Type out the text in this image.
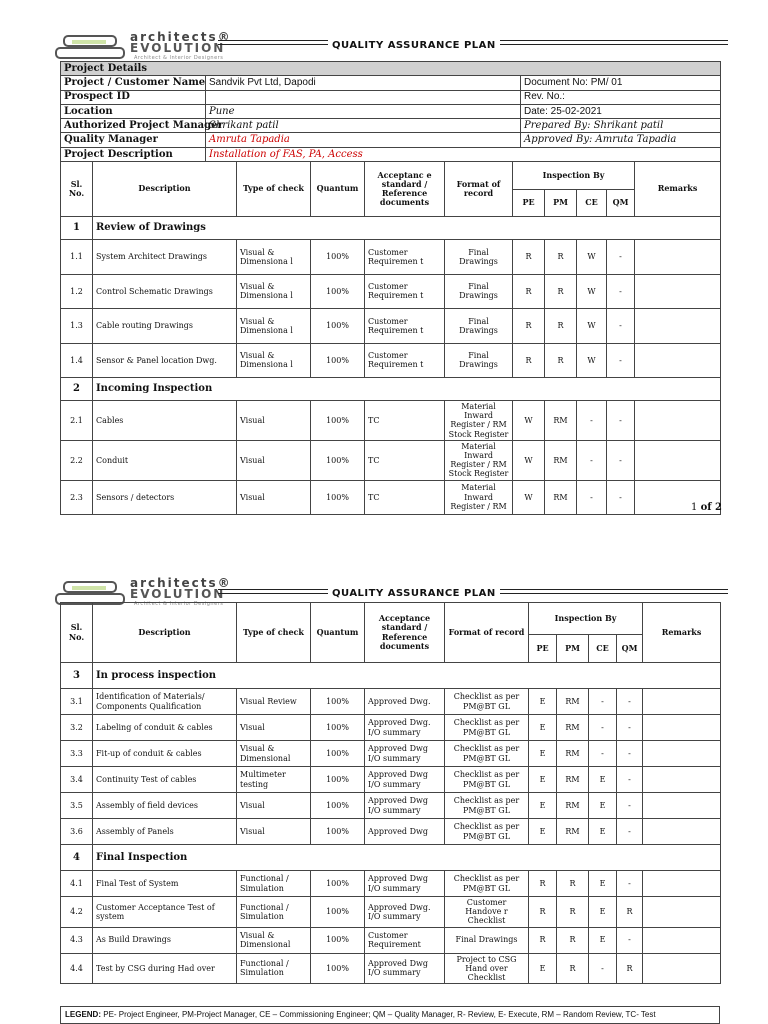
architects®
EVOLUTION
Architect & Interior Designers
QUALITY ASSURANCE PLAN
Project Details		
Project / Customer Name	Sandvik Pvt Ltd, Dapodi	Document No: PM/ 01
Prospect ID		Rev. No.:
Location	Pune	Date: 25-02-2021
Authorized Project Manager	Shrikant patil	Prepared By: Shrikant patil
Quality Manager	Amruta Tapadia	Approved By: Amruta Tapadia
Project Description	Installation of FAS, PA, Access	
Sl. No.	Description	Type of check	Quantum	Acceptanc e standard / Reference documents	Format of record	Inspection By				Remarks
						PE	PM	CE	QM	
1	Review of Drawings									
1.1	System Architect Drawings	Visual & Dimensiona l	100%	Customer Requiremen t	Final Drawings	R	R	W	-	
1.2	Control Schematic Drawings	Visual & Dimensiona l	100%	Customer Requiremen t	Final Drawings	R	R	W	-	
1.3	Cable routing Drawings	Visual & Dimensiona l	100%	Customer Requiremen t	Final Drawings	R	R	W	-	
1.4	Sensor & Panel location Dwg.	Visual & Dimensiona l	100%	Customer Requiremen t	Final Drawings	R	R	W	-	
2	Incoming Inspection									
2.1	Cables	Visual	100%	TC	Material Inward Register / RM Stock Register	W	RM	-	-	
2.2	Conduit	Visual	100%	TC	Material Inward Register / RM Stock Register	W	RM	-	-	
2.3	Sensors / detectors	Visual	100%	TC	Material Inward Register / RM	W	RM	-	-	
1 of 2
architects®
EVOLUTION
Architect & Interior Designers
QUALITY ASSURANCE PLAN
Sl. No.	Description	Type of check	Quantum	Acceptance standard / Reference documents	Format of record	Inspection By				Remarks
						PE	PM	CE	QM	
3	In process inspection									
3.1	Identification of Materials/ Components Qualification	Visual Review	100%	Approved Dwg.	Checklist as per PM@BT GL	E	RM	-	-	
3.2	Labeling of conduit & cables	Visual	100%	Approved Dwg. I/O summary	Checklist as per PM@BT GL	E	RM	-	-	
3.3	Fit-up of conduit & cables	Visual & Dimensional	100%	Approved Dwg I/O summary	Checklist as per PM@BT GL	E	RM	-	-	
3.4	Continuity Test of cables	Multimeter testing	100%	Approved Dwg I/O summary	Checklist as per PM@BT GL	E	RM	E	-	
3.5	Assembly of field devices	Visual	100%	Approved Dwg I/O summary	Checklist as per PM@BT GL	E	RM	E	-	
3.6	Assembly of Panels	Visual	100%	Approved Dwg	Checklist as per PM@BT GL	E	RM	E	-	
4	Final Inspection									
4.1	Final Test of System	Functional / Simulation	100%	Approved Dwg I/O summary	Checklist as per PM@BT GL	R	R	E	-	
4.2	Customer Acceptance Test of system	Functional / Simulation	100%	Approved Dwg. I/O summary	Customer Handove r Checklist	R	R	E	R	
4.3	As Build Drawings	Visual & Dimensional	100%	Customer Requirement	Final Drawings	R	R	E	-	
4.4	Test by CSG during Had over	Functional / Simulation	100%	Approved Dwg I/O summary	Project to CSG Hand over Checklist	E	R	-	R	
LEGEND: PE- Project Engineer, PM-Project Manager, CE – Commissioning Engineer; QM – Quality Manager, R- Review, E- Execute, RM – Random Review, TC- Test
